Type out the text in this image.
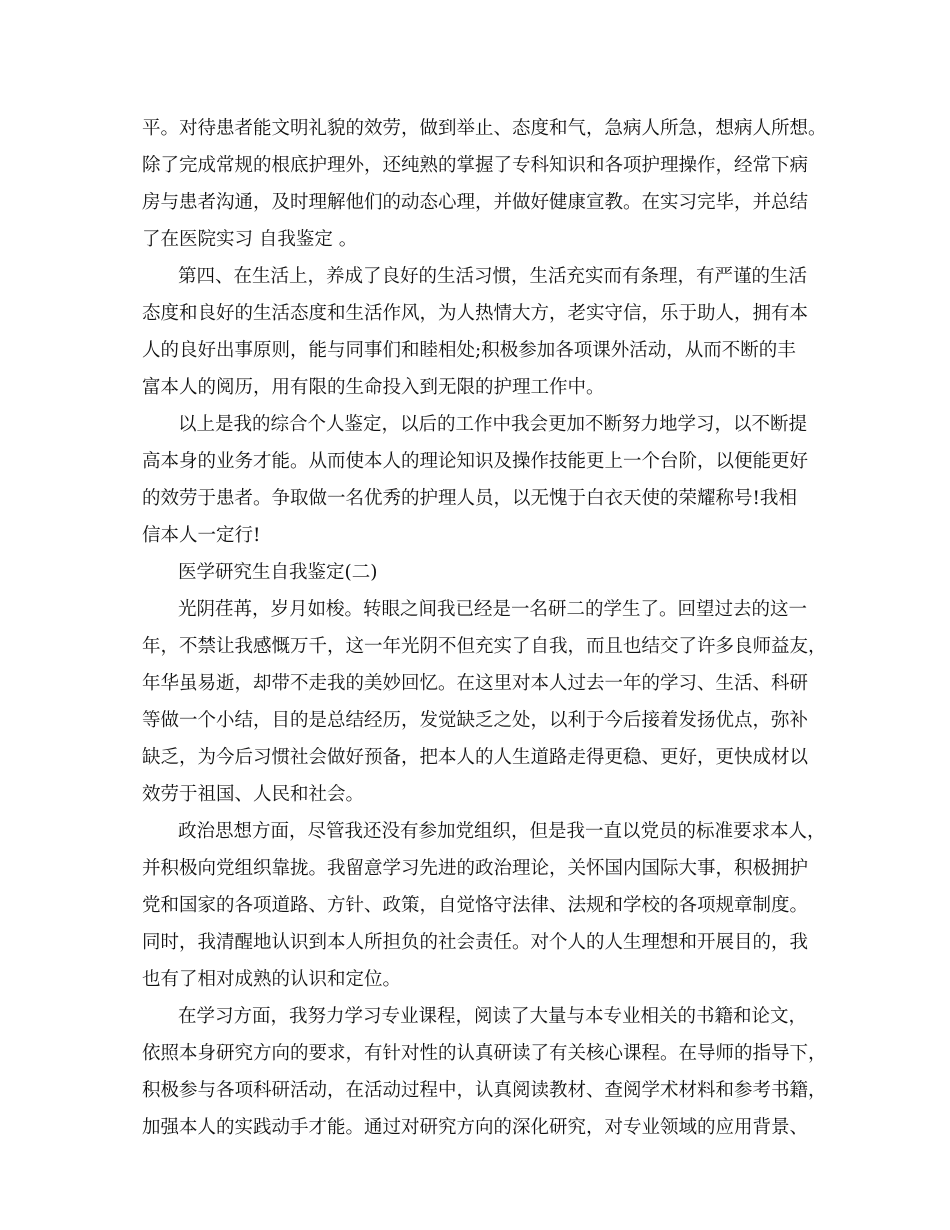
平。对待患者能文明礼貌的效劳，做到举止、态度和气，急病人所急，想病人所想。
除了完成常规的根底护理外，还纯熟的掌握了专科知识和各项护理操作，经常下病
房与患者沟通，及时理解他们的动态心理，并做好健康宣教。在实习完毕，并总结
了在医院实习 自我鉴定 。
第四、在生活上，养成了良好的生活习惯，生活充实而有条理，有严谨的生活
态度和良好的生活态度和生活作风，为人热情大方，老实守信，乐于助人，拥有本
人的良好出事原则，能与同事们和睦相处;积极参加各项课外活动，从而不断的丰
富本人的阅历，用有限的生命投入到无限的护理工作中。
以上是我的综合个人鉴定，以后的工作中我会更加不断努力地学习，以不断提
高本身的业务才能。从而使本人的理论知识及操作技能更上一个台阶，以便能更好
的效劳于患者。争取做一名优秀的护理人员，以无愧于白衣天使的荣耀称号!我相
信本人一定行!
医学研究生自我鉴定(二)
光阴荏苒，岁月如梭。转眼之间我已经是一名研二的学生了。回望过去的这一
年，不禁让我感慨万千，这一年光阴不但充实了自我，而且也结交了许多良师益友，
年华虽易逝，却带不走我的美妙回忆。在这里对本人过去一年的学习、生活、科研
等做一个小结，目的是总结经历，发觉缺乏之处，以利于今后接着发扬优点，弥补
缺乏，为今后习惯社会做好预备，把本人的人生道路走得更稳、更好，更快成材以
效劳于祖国、人民和社会。
政治思想方面，尽管我还没有参加党组织，但是我一直以党员的标准要求本人，
并积极向党组织靠拢。我留意学习先进的政治理论，关怀国内国际大事，积极拥护
党和国家的各项道路、方针、政策，自觉恪守法律、法规和学校的各项规章制度。
同时，我清醒地认识到本人所担负的社会责任。对个人的人生理想和开展目的，我
也有了相对成熟的认识和定位。
在学习方面，我努力学习专业课程，阅读了大量与本专业相关的书籍和论文，
依照本身研究方向的要求，有针对性的认真研读了有关核心课程。在导师的指导下，
积极参与各项科研活动，在活动过程中，认真阅读教材、查阅学术材料和参考书籍，
加强本人的实践动手才能。通过对研究方向的深化研究，对专业领域的应用背景、
